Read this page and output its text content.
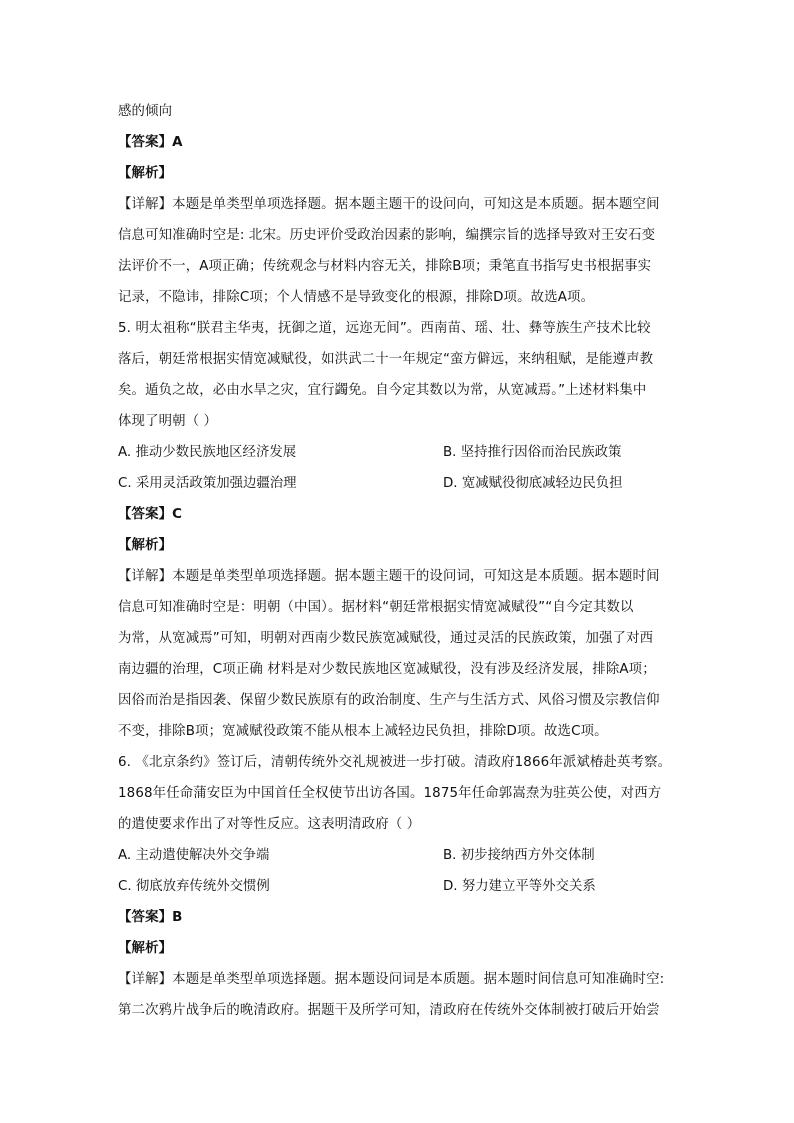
感的倾向
【答案】A
【解析】
【详解】本题是单类型单项选择题。据本题主题干的设问向，可知这是本质题。据本题空间
信息可知准确时空是: 北宋。历史评价受政治因素的影响，编撰宗旨的选择导致对王安石变
法评价不一，A项正确；传统观念与材料内容无关，排除B项；秉笔直书指写史书根据事实
记录，不隐讳，排除C项；个人情感不是导致变化的根源，排除D项。故选A项。
5. 明太祖称“朕君主华夷，抚御之道，远迩无间”。西南苗、瑶、壮、彝等族生产技术比较
落后，朝廷常根据实情宽减赋役，如洪武二十一年规定“蛮方僻远，来纳租赋，是能遵声教
矣。遁负之故，必由水旱之灾，宜行蠲免。自今定其数以为常，从宽减焉。”上述材料集中
体现了明朝（ ）
A. 推动少数民族地区经济发展	B. 坚持推行因俗而治民族政策
C. 采用灵活政策加强边疆治理	D. 宽减赋役彻底减轻边民负担
【答案】C
【解析】
【详解】本题是单类型单项选择题。据本题主题干的设问词，可知这是本质题。据本题时间
信息可知准确时空是：明朝（中国）。据材料“朝廷常根据实情宽减赋役”“自今定其数以
为常，从宽减焉”可知，明朝对西南少数民族宽减赋役，通过灵活的民族政策，加强了对西
南边疆的治理，C项正确 材料是对少数民族地区宽减赋役，没有涉及经济发展，排除A项；
因俗而治是指因袭、保留少数民族原有的政治制度、生产与生活方式、风俗习惯及宗教信仰
不变，排除B项；宽减赋役政策不能从根本上减轻边民负担，排除D项。故选C项。
6. 《北京条约》签订后，清朝传统外交礼规被进一步打破。清政府1866年派斌椿赴英考察。
1868年任命蒲安臣为中国首任全权使节出访各国。1875年任命郭嵩焘为驻英公使，对西方
的遣使要求作出了对等性反应。这表明清政府（ ）
A. 主动遣使解决外交争端	B. 初步接纳西方外交体制
C. 彻底放弃传统外交惯例	D. 努力建立平等外交关系
【答案】B
【解析】
【详解】本题是单类型单项选择题。据本题设问词是本质题。据本题时间信息可知准确时空:
第二次鸦片战争后的晚清政府。据题干及所学可知，清政府在传统外交体制被打破后开始尝
